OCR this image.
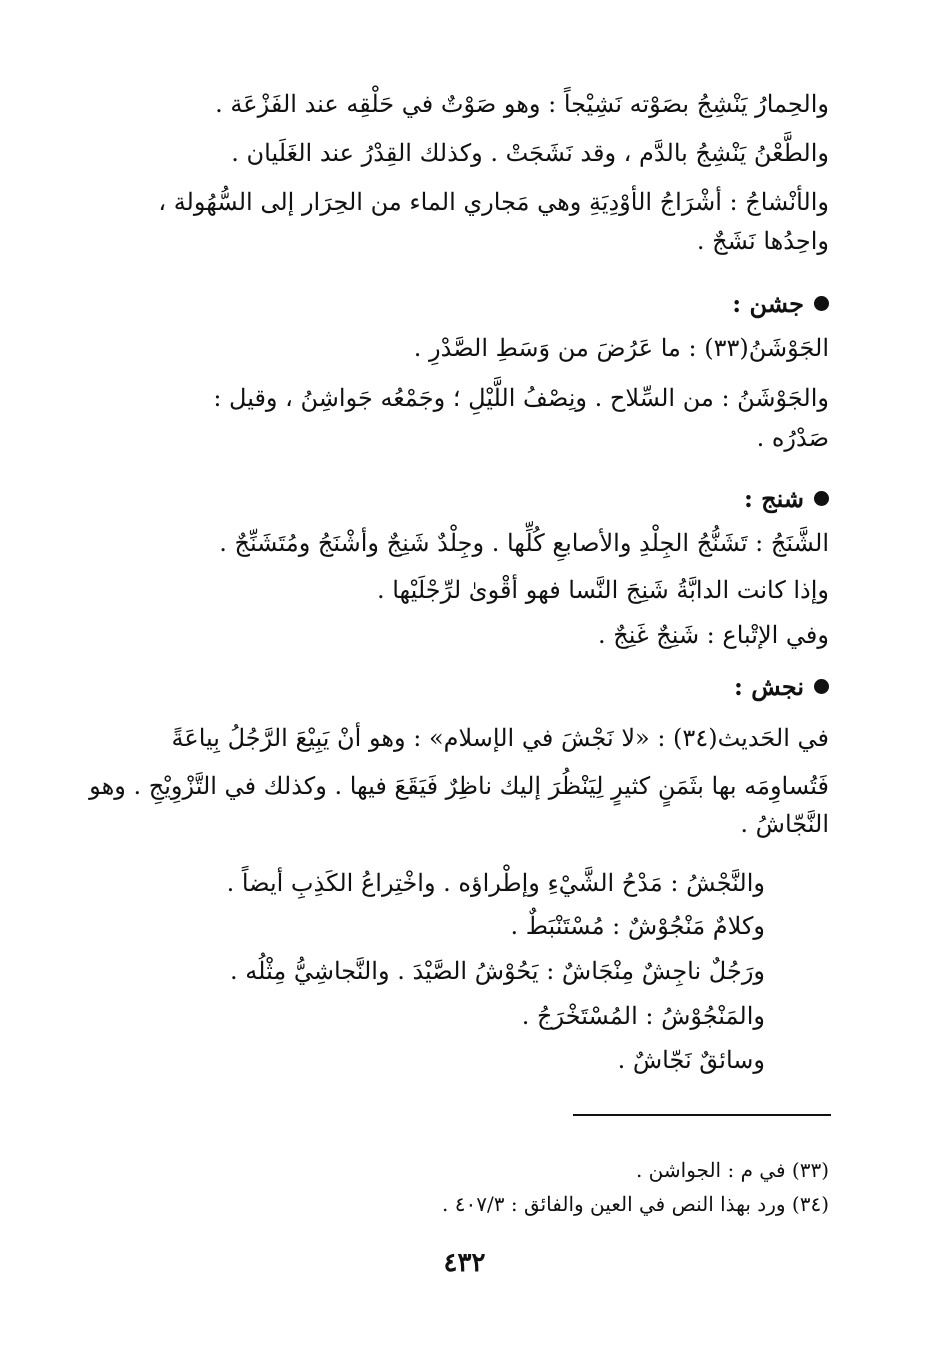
والحِمارُ يَنْشِجُ بصَوْته نَشِيْجاً : وهو صَوْتٌ في حَلْقِه عند الفَزْعَة .
والطَّعْنُ يَنْشِجُ بالدَّم ، وقد نَشَجَتْ . وكذلك القِدْرُ عند الغَلَيان .
والأنْشاجُ : أشْرَاجُ الأوْدِيَةِ وهي مَجاري الماء من الحِرَار إلى السُّهُولة ،
واحِدُها نَشَجٌ .
جشن :
الجَوْشَنُ(٣٣) : ما عَرُضَ من وَسَطِ الصَّدْرِ .
والجَوْشَنُ : من السِّلاح . ونِصْفُ اللَّيْلِ ؛ وجَمْعُه جَواشِنُ ، وقيل :
صَدْرُه .
شنج :
الشَّنَجُ : تَشَنُّجُ الجِلْدِ والأصابعِ كُلِّها . وجِلْدٌ شَنِجٌ وأشْنَجُ ومُتَشَنِّجٌ .
وإذا كانت الدابَّةُ شَنِجَ النَّسا فهو أقْوىٰ لرِّجْلَيْها .
وفي الإتْباع : شَنِجٌ غَنِجٌ .
نجش :
في الحَديث(٣٤) : «لا نَجْشَ في الإسلام» : وهو أنْ يَبِيْعَ الرَّجُلُ بِياعَةً
فَتُساوِمَه بها بثَمَنٍ كثيرٍ لِيَنْظُرَ إليك ناظِرٌ فَيَقَعَ فيها . وكذلك في التَّزْوِيْجِ . وهو
النَّجّاشُ .
والنَّجْشُ : مَدْحُ الشَّيْءِ وإطْراؤه . واخْتِراعُ الكَذِبِ أيضاً .
وكلامٌ مَنْجُوْشٌ : مُسْتَنْبَطٌ .
ورَجُلٌ ناجِشٌ مِنْجَاشٌ : يَحُوْشُ الصَّيْدَ . والنَّجاشِيُّ مِثْلُه .
والمَنْجُوْشُ : المُسْتَخْرَجُ .
وسائقٌ نَجّاشٌ .
(٣٣) في م : الجواشن .
(٣٤) ورد بهذا النص في العين والفائق : ٤٠٧/٣ .
٤٣٢
